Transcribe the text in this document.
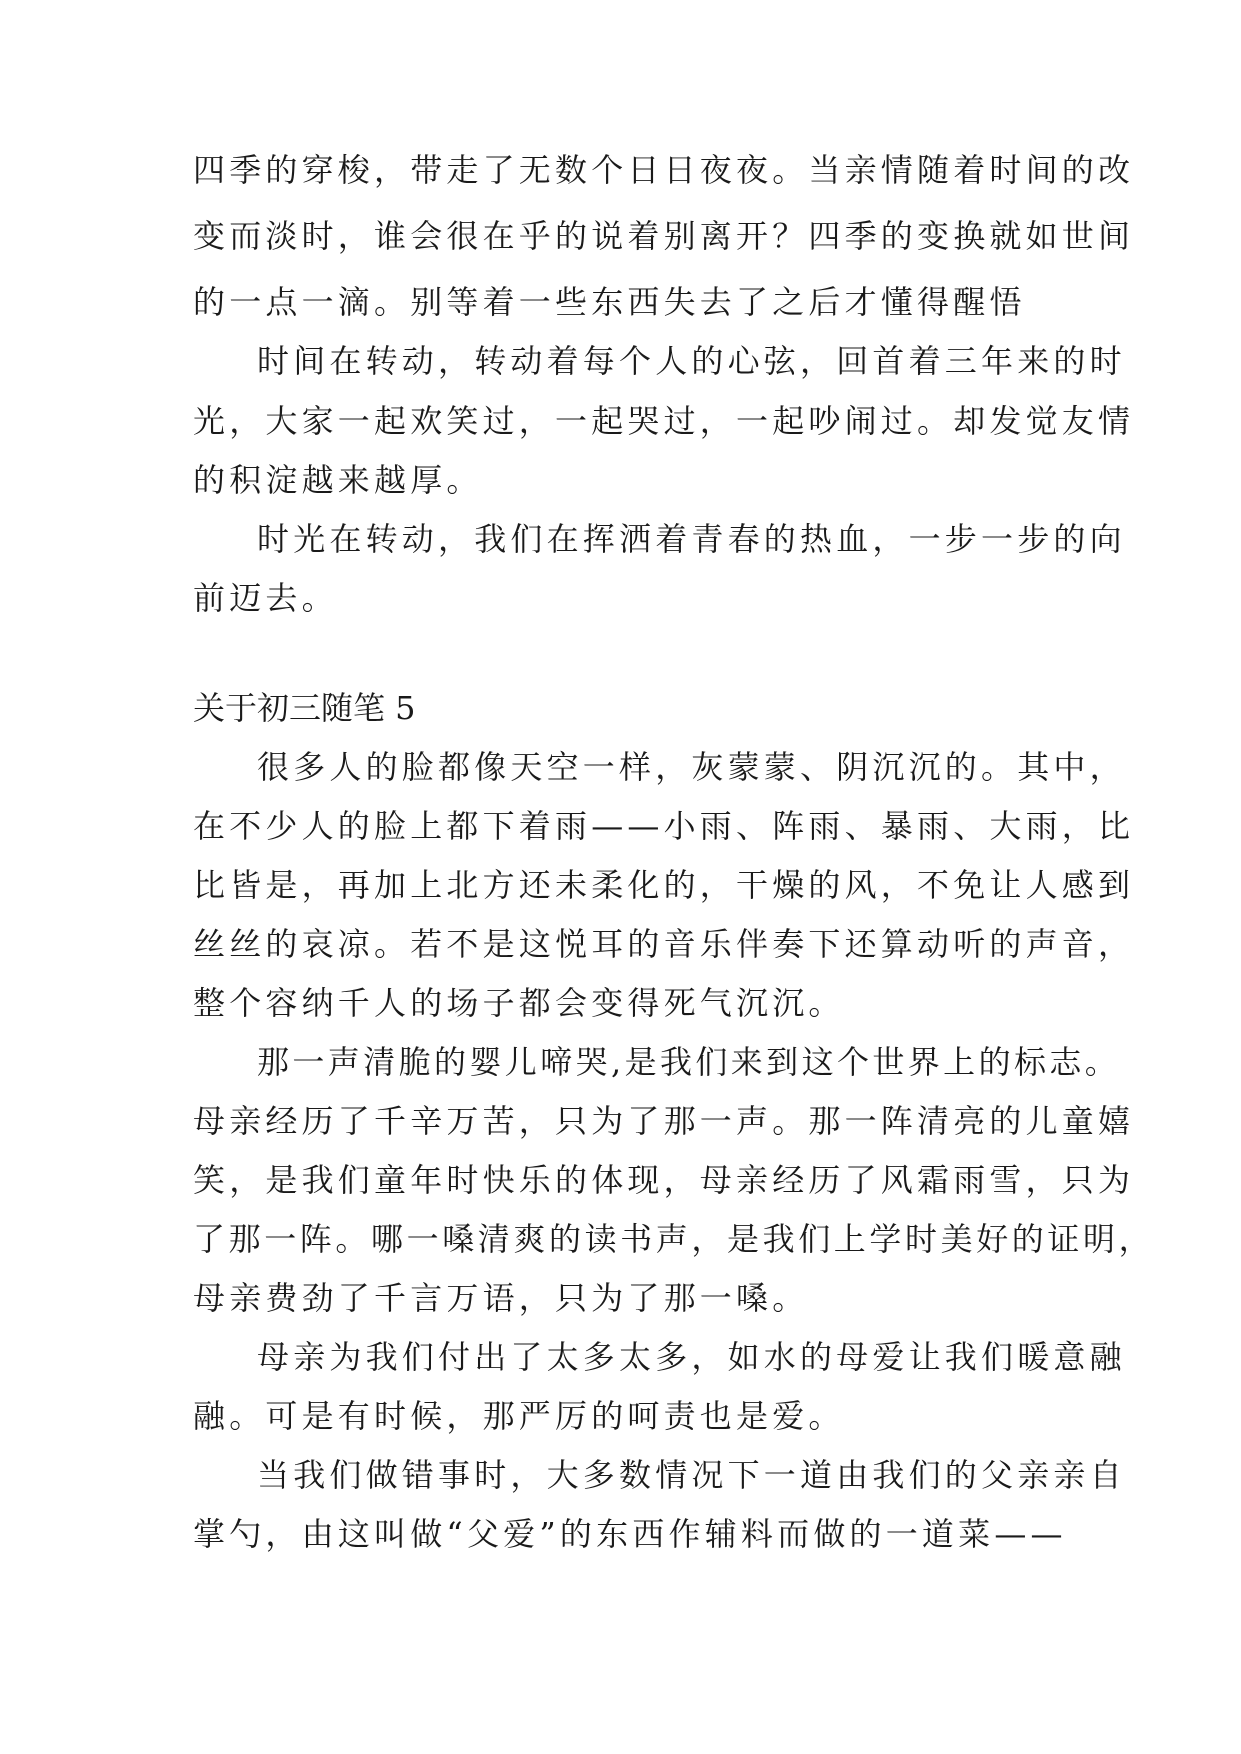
四季的穿梭，带走了无数个日日夜夜。当亲情随着时间的改
变而淡时，谁会很在乎的说着别离开？四季的变换就如世间
的一点一滴。别等着一些东西失去了之后才懂得醒悟
时间在转动，转动着每个人的心弦，回首着三年来的时
光，大家一起欢笑过，一起哭过，一起吵闹过。却发觉友情
的积淀越来越厚。
时光在转动，我们在挥洒着青春的热血，一步一步的向
前迈去。
关于初三随笔 5
很多人的脸都像天空一样，灰蒙蒙、阴沉沉的。其中，
在不少人的脸上都下着雨——小雨、阵雨、暴雨、大雨，比
比皆是，再加上北方还未柔化的，干燥的风，不免让人感到
丝丝的哀凉。若不是这悦耳的音乐伴奏下还算动听的声音，
整个容纳千人的场子都会变得死气沉沉。
那一声清脆的婴儿啼哭,是我们来到这个世界上的标志。
母亲经历了千辛万苦，只为了那一声。那一阵清亮的儿童嬉
笑，是我们童年时快乐的体现，母亲经历了风霜雨雪，只为
了那一阵。哪一嗓清爽的读书声，是我们上学时美好的证明，
母亲费劲了千言万语，只为了那一嗓。
母亲为我们付出了太多太多，如水的母爱让我们暖意融
融。可是有时候，那严厉的呵责也是爱。
当我们做错事时，大多数情况下一道由我们的父亲亲自
掌勺，由这叫做“父爱”的东西作辅料而做的一道菜——
